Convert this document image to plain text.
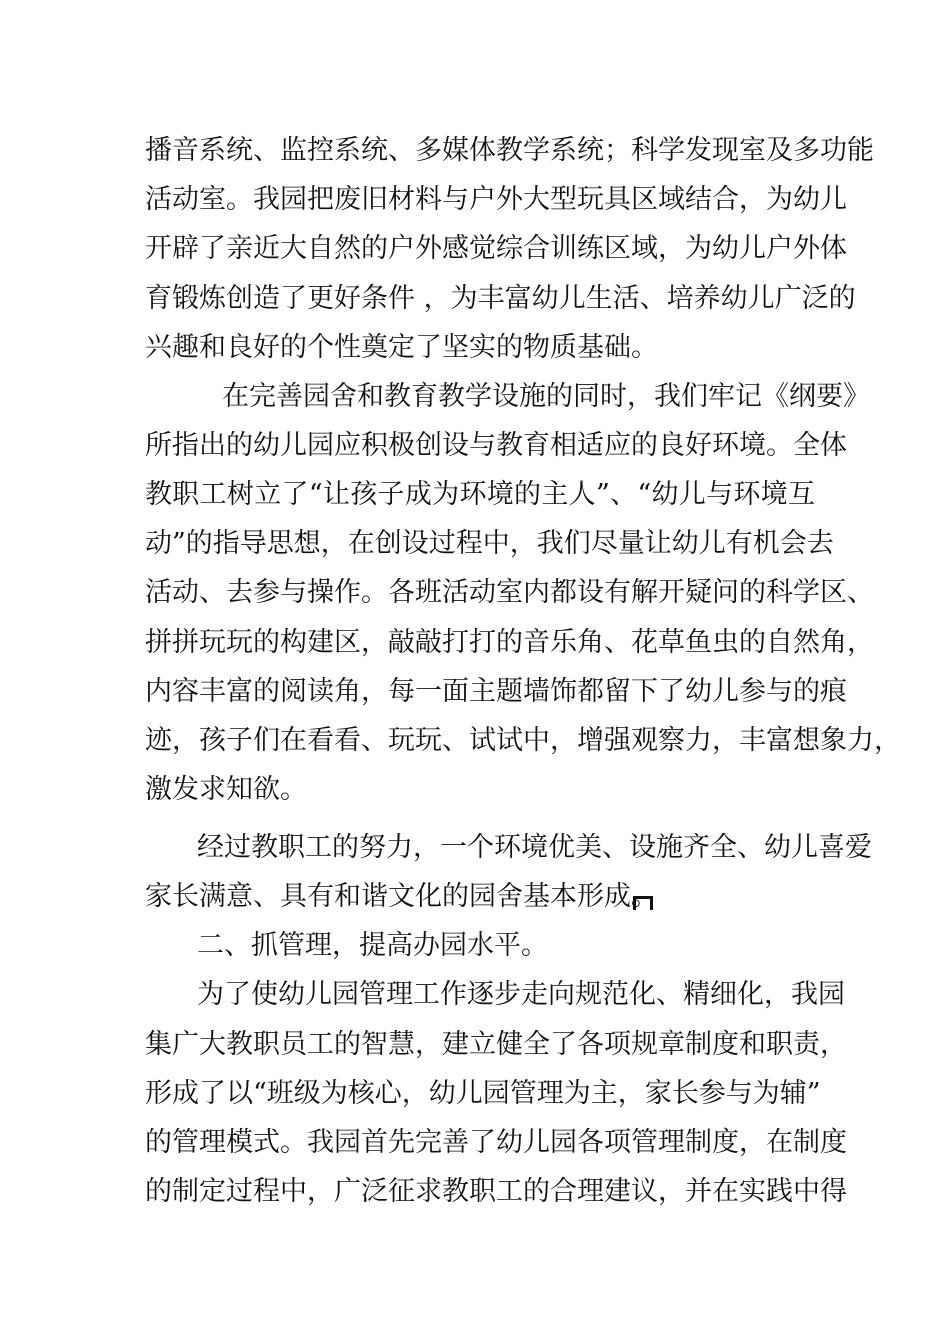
播音系统、监控系统、多媒体教学系统；科学发现室及多功能
活动室。我园把废旧材料与户外大型玩具区域结合，为幼儿
开辟了亲近大自然的户外感觉综合训练区域，为幼儿户外体
育锻炼创造了更好条件 ，为丰富幼儿生活、培养幼儿广泛的
兴趣和良好的个性奠定了坚实的物质基础。
在完善园舍和教育教学设施的同时，我们牢记《纲要》
所指出的幼儿园应积极创设与教育相适应的良好环境。全体
教职工树立了“让孩子成为环境的主人”、“幼儿与环境互
动”的指导思想，在创设过程中，我们尽量让幼儿有机会去
活动、去参与操作。各班活动室内都设有解开疑问的科学区、
拼拼玩玩的构建区，敲敲打打的音乐角、花草鱼虫的自然角，
内容丰富的阅读角，每一面主题墙饰都留下了幼儿参与的痕
迹，孩子们在看看、玩玩、试试中，增强观察力，丰富想象力，
激发求知欲。
经过教职工的努力，一个环境优美、设施齐全、幼儿喜爱
家长满意、具有和谐文化的园舍基本形成。
二、抓管理，提高办园水平。
为了使幼儿园管理工作逐步走向规范化、精细化，我园
集广大教职员工的智慧，建立健全了各项规章制度和职责，
形成了以“班级为核心，幼儿园管理为主，家长参与为辅”
的管理模式。我园首先完善了幼儿园各项管理制度，在制度
的制定过程中，广泛征求教职工的合理建议，并在实践中得
